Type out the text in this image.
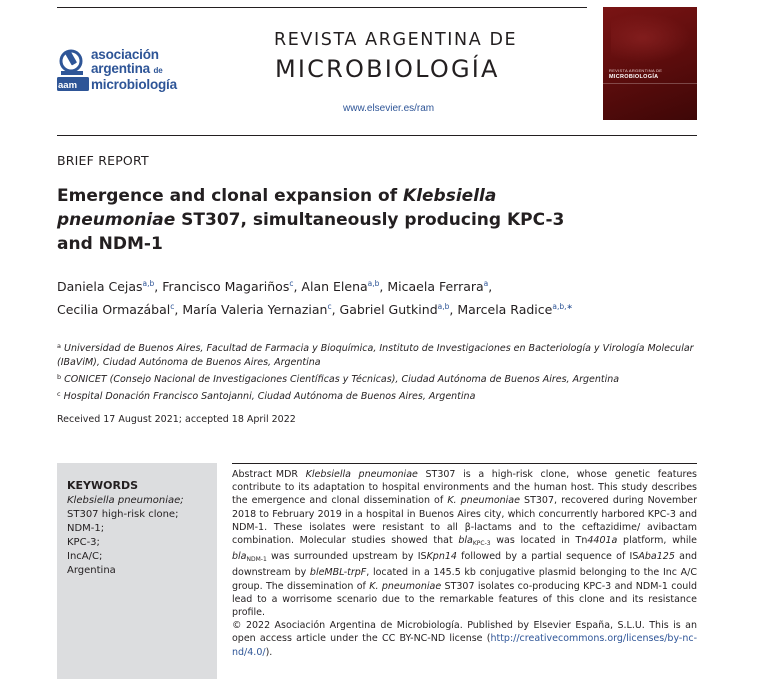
aam
asociación
argentina de
microbiología
REVISTA ARGENTINA DE
MICROBIOLOGÍA
www.elsevier.es/ram
REVISTA ARGENTINA DE
MICROBIOLOGÍA
BRIEF REPORT
Emergence and clonal expansion of Klebsiella pneumoniae ST307, simultaneously producing KPC-3 and NDM-1
Daniela Cejas$^{a,b}$, Francisco Magariños$^c$, Alan Elena$^{a,b}$, Micaela Ferrara$^a$,
Cecilia Ormazábal$^c$, María Valeria Yernazian$^c$, Gabriel Gutkind$^{a,b}$, Marcela Radice$^{a,b,∗}$
$^a$ Universidad de Buenos Aires, Facultad de Farmacia y Bioquímica, Instituto de Investigaciones en Bacteriología y Virología Molecular (IBaViM), Ciudad Autónoma de Buenos Aires, Argentina
$^b$ CONICET (Consejo Nacional de Investigaciones Científicas y Técnicas), Ciudad Autónoma de Buenos Aires, Argentina
$^c$ Hospital Donación Francisco Santojanni, Ciudad Autónoma de Buenos Aires, Argentina
Received 17 August 2021; accepted 18 April 2022
KEYWORDS
Klebsiella pneumoniae;
ST307 high-risk clone;
NDM-1;
KPC-3;
IncA/C;
Argentina

Abstract MDR Klebsiella pneumoniae ST307 is a high-risk clone, whose genetic features contribute to its adaptation to hospital environments and the human host. This study describes the emergence and clonal dissemination of K. pneumoniae ST307, recovered during November 2018 to February 2019 in a hospital in Buenos Aires city, which concurrently harbored KPC-3 and NDM-1. These isolates were resistant to all β-lactams and to the ceftazidime/ avibactam combination. Molecular studies showed that bla$_{KPC-3}$ was located in Tn4401a platform, while bla$_{NDM-1}$ was surrounded upstream by ISKpn14 followed by a partial sequence of ISAba125 and downstream by bleMBL-trpF, located in a 145.5 kb conjugative plasmid belonging to the Inc A/C group. The dissemination of K. pneumoniae ST307 isolates co-producing KPC-3 and NDM-1 could lead to a worrisome scenario due to the remarkable features of this clone and its resistance profile.

© 2022 Asociación Argentina de Microbiología. Published by Elsevier España, S.L.U. This is an open access article under the CC BY-NC-ND license (http://creativecommons.org/licenses/by-nc-nd/4.0/).
